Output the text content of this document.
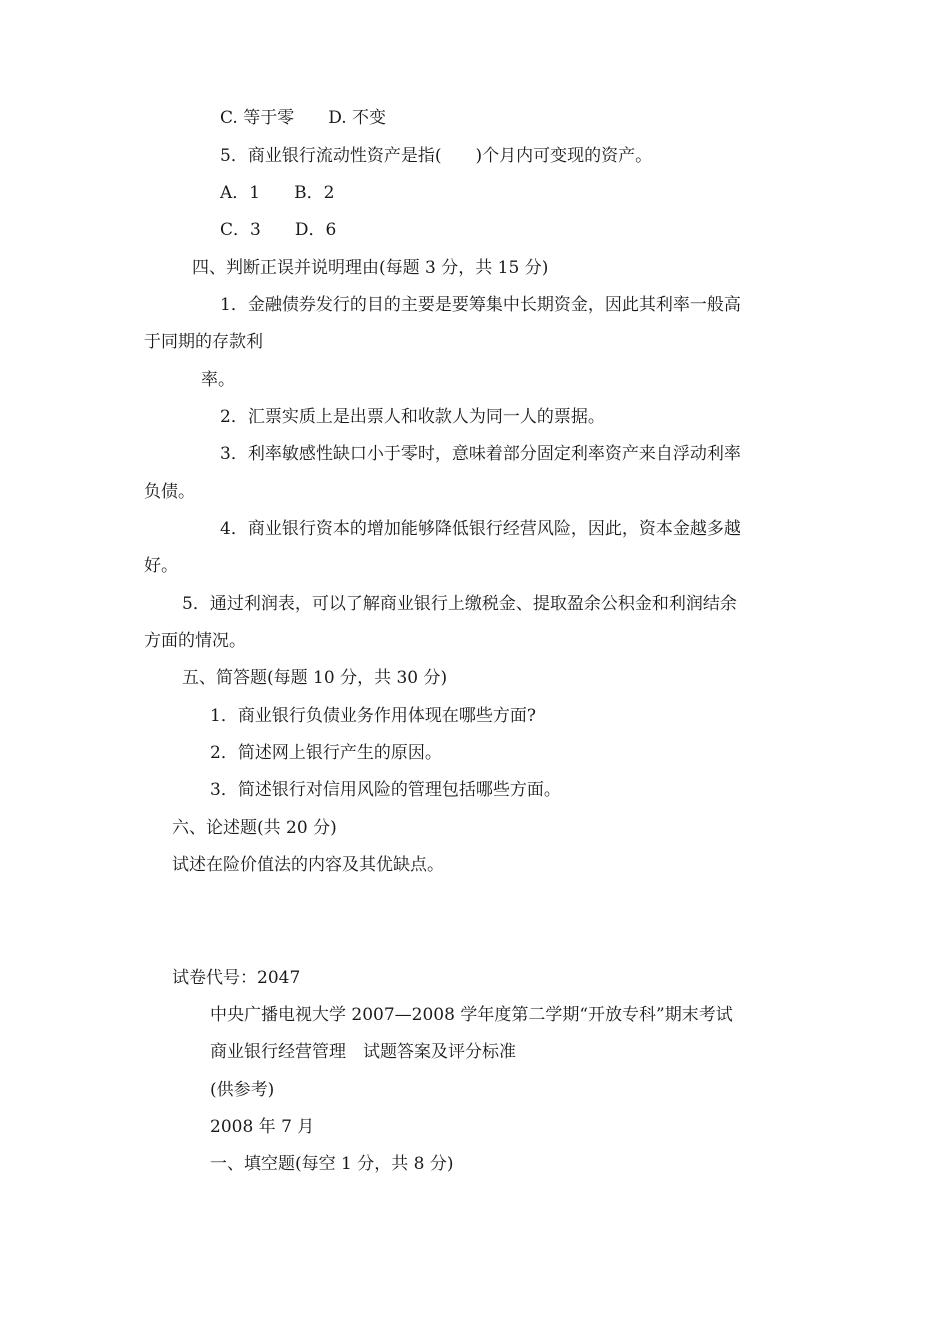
C. 等于零 D. 不变
5．商业银行流动性资产是指(　　)个月内可变现的资产。
A．1 B．2
C．3 D．6
四、判断正误并说明理由(每题 3 分，共 15 分)
1．金融债券发行的目的主要是要筹集中长期资金，因此其利率一般高
于同期的存款利
率。
2．汇票实质上是出票人和收款人为同一人的票据。
3．利率敏感性缺口小于零时，意味着部分固定利率资产来自浮动利率
负债。
4．商业银行资本的增加能够降低银行经营风险，因此，资本金越多越
好。
5．通过利润表，可以了解商业银行上缴税金、提取盈余公积金和利润结余
方面的情况。
五、简答题(每题 10 分，共 30 分)
1．商业银行负债业务作用体现在哪些方面?
2．简述网上银行产生的原因。
3．简述银行对信用风险的管理包括哪些方面。
六、论述题(共 20 分)
试述在险价值法的内容及其优缺点。
试卷代号：2047
中央广播电视大学 2007—2008 学年度第二学期“开放专科”期末考试
商业银行经营管理　试题答案及评分标准
(供参考)
2008 年 7 月
一、填空题(每空 1 分，共 8 分)
